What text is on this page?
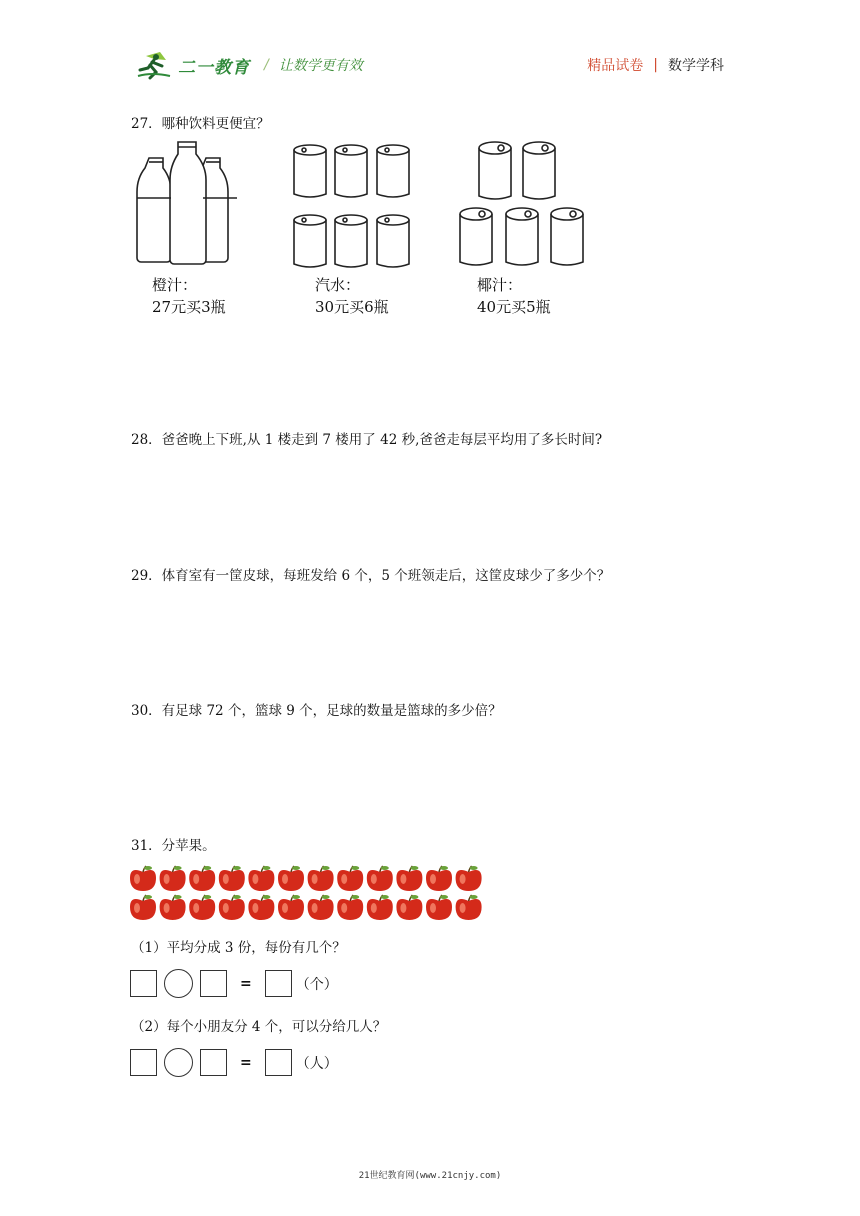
二一教育 / 让数学更有效	精品试卷 | 数学学科
27．哪种饮料更便宜？
橙汁：
27元买3瓶
汽水：
30元买6瓶
椰汁：
40元买5瓶
28．爸爸晚上下班,从 1 楼走到 7 楼用了 42 秒,爸爸走每层平均用了多长时间?
29．体育室有一筐皮球，每班发给 6 个，5 个班领走后，这筐皮球少了多少个？
30．有足球 72 个，篮球 9 个，足球的数量是篮球的多少倍？
31．分苹果。
（1）平均分成 3 份，每份有几个？
=	（个）
（2）每个小朋友分 4 个，可以分给几人？
=	（人）
21世纪教育网(www.21cnjy.com)
